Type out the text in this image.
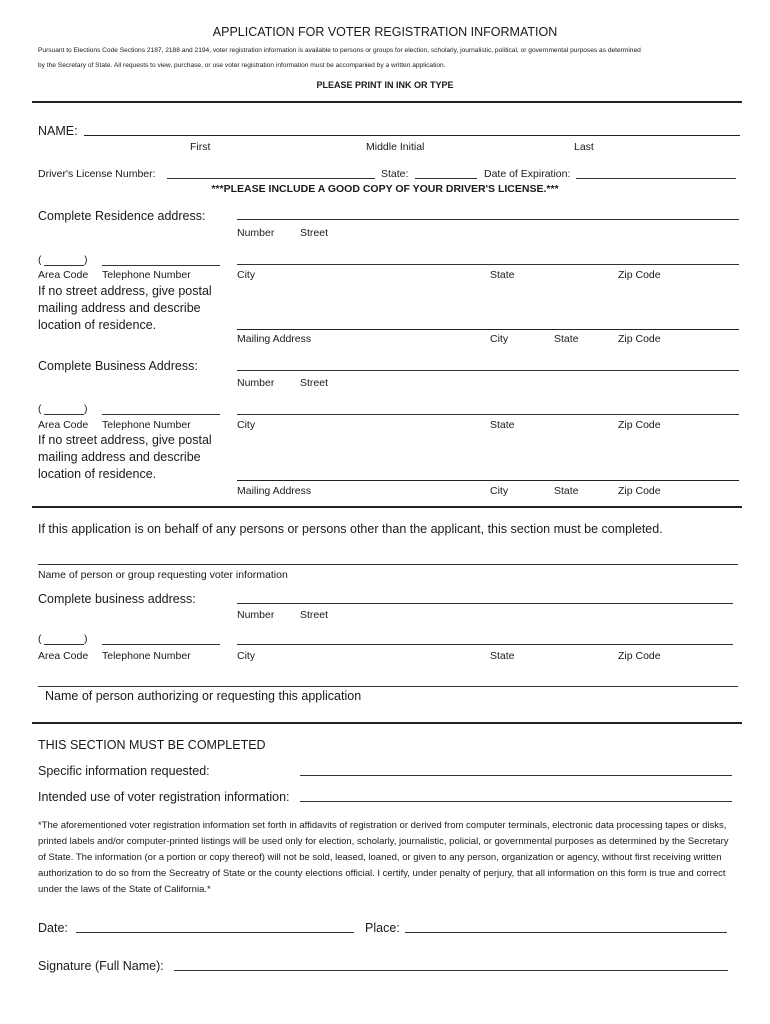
APPLICATION FOR VOTER REGISTRATION INFORMATION
Pursuant to Elections Code Sections 2187, 2188 and 2194, voter registration information is available to persons or groups for election, scholarly, journalistic, political, or governmental purposes as determined
by the Secretary of State. All requests to view, purchase, or use voter registration information must be accompanied by a written application.
PLEASE PRINT IN INK OR TYPE
NAME:
First	Middle Initial	Last
Driver's License Number:	State:	Date of Expiration:
***PLEASE INCLUDE A GOOD COPY OF YOUR DRIVER'S LICENSE.***
Complete Residence address:
Number Street
(	)
Area Code Telephone Number	City	State	Zip Code
If no street address, give postal
mailing address and describe
location of residence.
Mailing Address	City	State	Zip Code
Complete Business Address:
Number Street
(	)
Area Code Telephone Number	City	State	Zip Code
If no street address, give postal
mailing address and describe
location of residence.
Mailing Address	City	State	Zip Code
If this application is on behalf of any persons or persons other than the applicant, this section must be completed.
Name of person or group requesting voter information
Complete business address:
Number Street
(	)
Area Code Telephone Number	City	State	Zip Code
Name of person authorizing or requesting this application
THIS SECTION MUST BE COMPLETED
Specific information requested:
Intended use of voter registration information:
*The aforementioned voter registration information set forth in affidavits of registration or derived from computer terminals, electronic data processing tapes or disks, printed labels and/or computer-printed listings will be used only for election, scholarly, journalistic, policial, or governmental purposes as determined by the Secretary of State. The information (or a portion or copy thereof) will not be sold, leased, loaned, or given to any person, organization or agency, without first receiving written authorization to do so from the Secreatry of State or the county elections official. I certify, under penalty of perjury, that all information on this form is true and correct under the laws of the State of California.*
Date:	Place:
Signature (Full Name):
